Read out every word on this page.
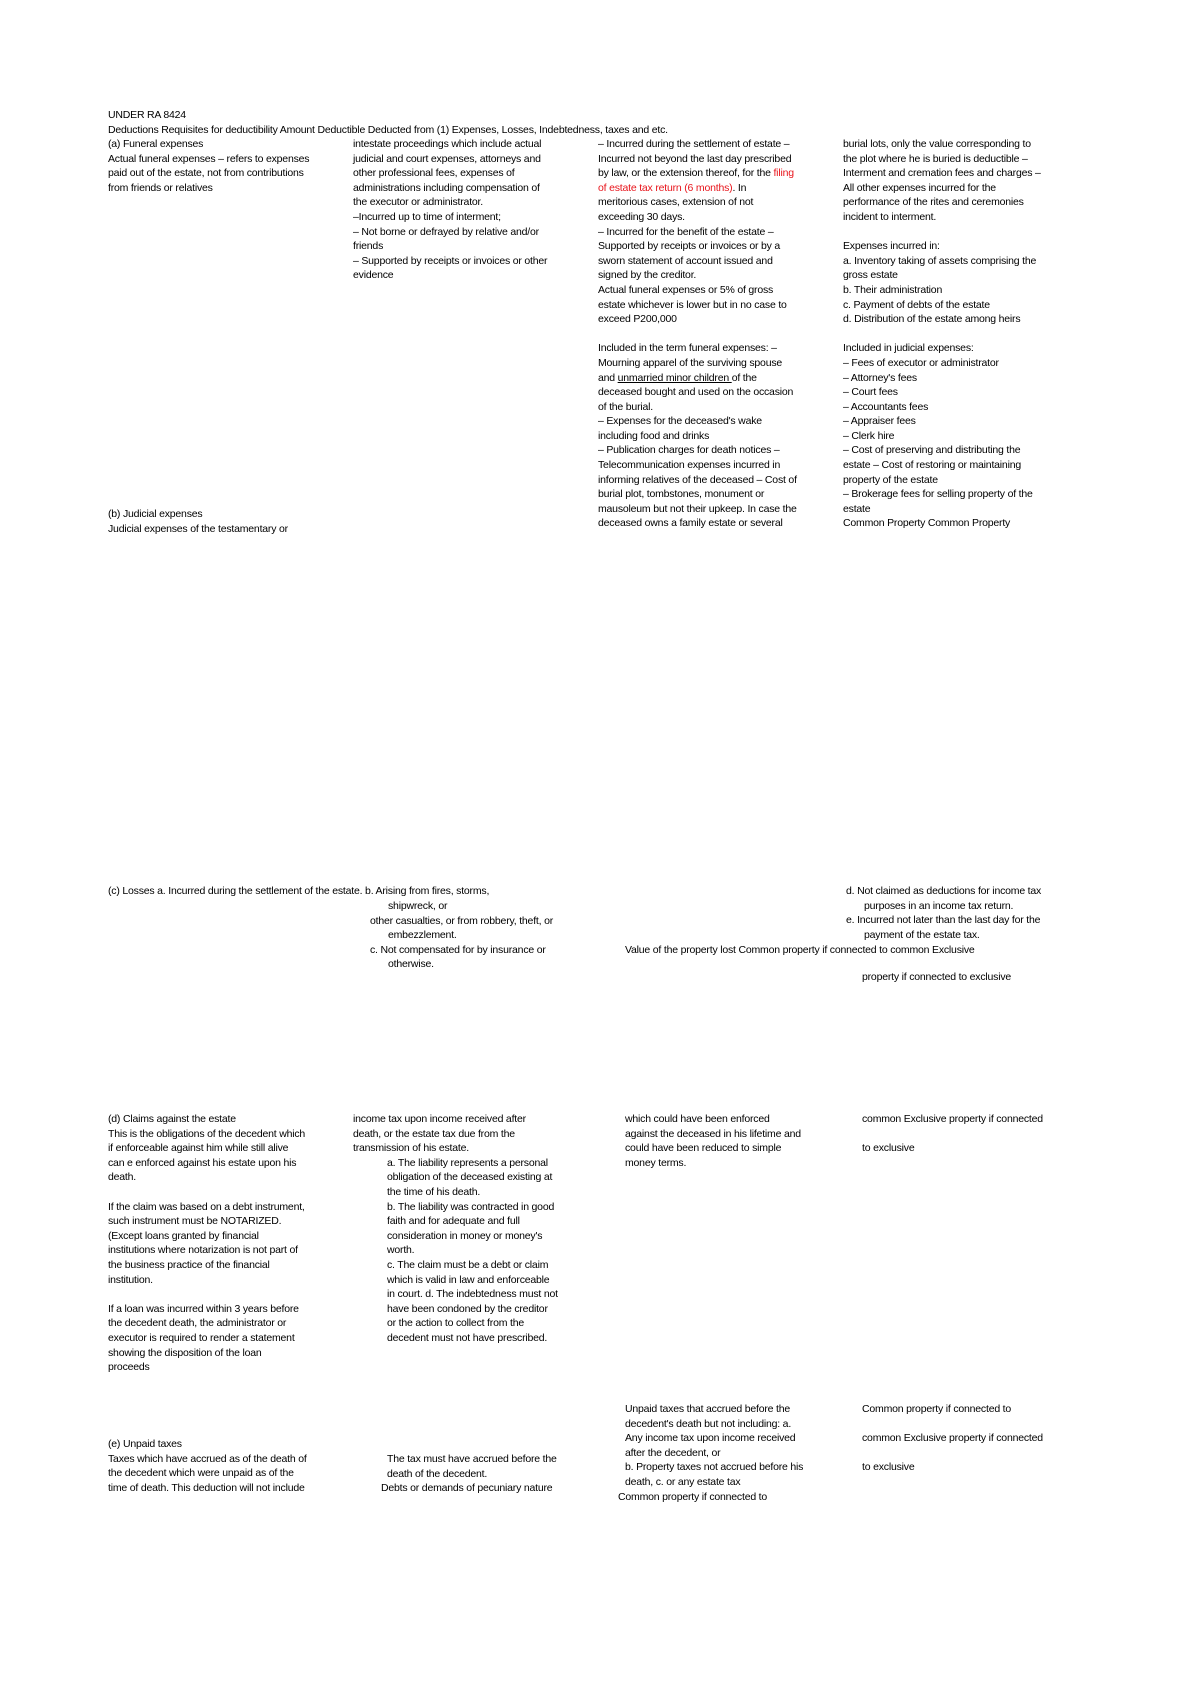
UNDER RA 8424
Deductions Requisites for deductibility Amount Deductible Deducted from (1) Expenses, Losses, Indebtedness, taxes and etc.
(a) Funeral expenses
Actual funeral expenses – refers to expenses
paid out of the estate, not from contributions
from friends or relatives
intestate proceedings which include actual
judicial and court expenses, attorneys and
other professional fees, expenses of
administrations including compensation of
the executor or administrator.
–Incurred up to time of interment;
– Not borne or defrayed by relative and/or
friends
– Supported by receipts or invoices or other
evidence
– Incurred during the settlement of estate –
Incurred not beyond the last day prescribed
by law, or the extension thereof, for the filing
of estate tax return (6 months). In
meritorious cases, extension of not
exceeding 30 days.
– Incurred for the benefit of the estate –
Supported by receipts or invoices or by a
sworn statement of account issued and
signed by the creditor.
Actual funeral expenses or 5% of gross
estate whichever is lower but in no case to
exceed P200,000
Included in the term funeral expenses: –
Mourning apparel of the surviving spouse
and unmarried minor children of the
deceased bought and used on the occasion
of the burial.
– Expenses for the deceased's wake
including food and drinks
– Publication charges for death notices –
Telecommunication expenses incurred in
informing relatives of the deceased – Cost of
burial plot, tombstones, monument or
mausoleum but not their upkeep. In case the
deceased owns a family estate or several
burial lots, only the value corresponding to
the plot where he is buried is deductible –
Interment and cremation fees and charges –
All other expenses incurred for the
performance of the rites and ceremonies
incident to interment.
Expenses incurred in:
a. Inventory taking of assets comprising the
gross estate
b. Their administration
c. Payment of debts of the estate
d. Distribution of the estate among heirs
Included in judicial expenses:
– Fees of executor or administrator
– Attorney's fees
– Court fees
– Accountants fees
– Appraiser fees
– Clerk hire
– Cost of preserving and distributing the
estate – Cost of restoring or maintaining
property of the estate
– Brokerage fees for selling property of the
estate
Common Property Common Property
(b) Judicial expenses
Judicial expenses of the testamentary or
(c) Losses a. Incurred during the settlement of the estate. b. Arising from fires, storms,
shipwreck, or
other casualties, or from robbery, theft, or
embezzlement.
c. Not compensated for by insurance or
otherwise.
Value of the property lost Common property if connected to common Exclusive
d. Not claimed as deductions for income tax
purposes in an income tax return.
e. Incurred not later than the last day for the
payment of the estate tax.
property if connected to exclusive
(d) Claims against the estate
This is the obligations of the decedent which
if enforceable against him while still alive
can e enforced against his estate upon his
death.
If the claim was based on a debt instrument,
such instrument must be NOTARIZED.
(Except loans granted by financial
institutions where notarization is not part of
the business practice of the financial
institution.
If a loan was incurred within 3 years before
the decedent death, the administrator or
executor is required to render a statement
showing the disposition of the loan
proceeds
income tax upon income received after
death, or the estate tax due from the
transmission of his estate.
a. The liability represents a personal
obligation of the deceased existing at
the time of his death.
b. The liability was contracted in good
faith and for adequate and full
consideration in money or money's
worth.
c. The claim must be a debt or claim
which is valid in law and enforceable
in court. d. The indebtedness must not
have been condoned by the creditor
or the action to collect from the
decedent must not have prescribed.
which could have been enforced
against the deceased in his lifetime and
could have been reduced to simple
money terms.
common Exclusive property if connected
to exclusive
(e) Unpaid taxes
Taxes which have accrued as of the death of
the decedent which were unpaid as of the
time of death. This deduction will not include
The tax must have accrued before the
death of the decedent.
Debts or demands of pecuniary nature
Unpaid taxes that accrued before the
decedent's death but not including: a.
Any income tax upon income received
after the decedent, or
b. Property taxes not accrued before his
death, c. or any estate tax
Common property if connected to
Common property if connected to
common Exclusive property if connected
to exclusive
